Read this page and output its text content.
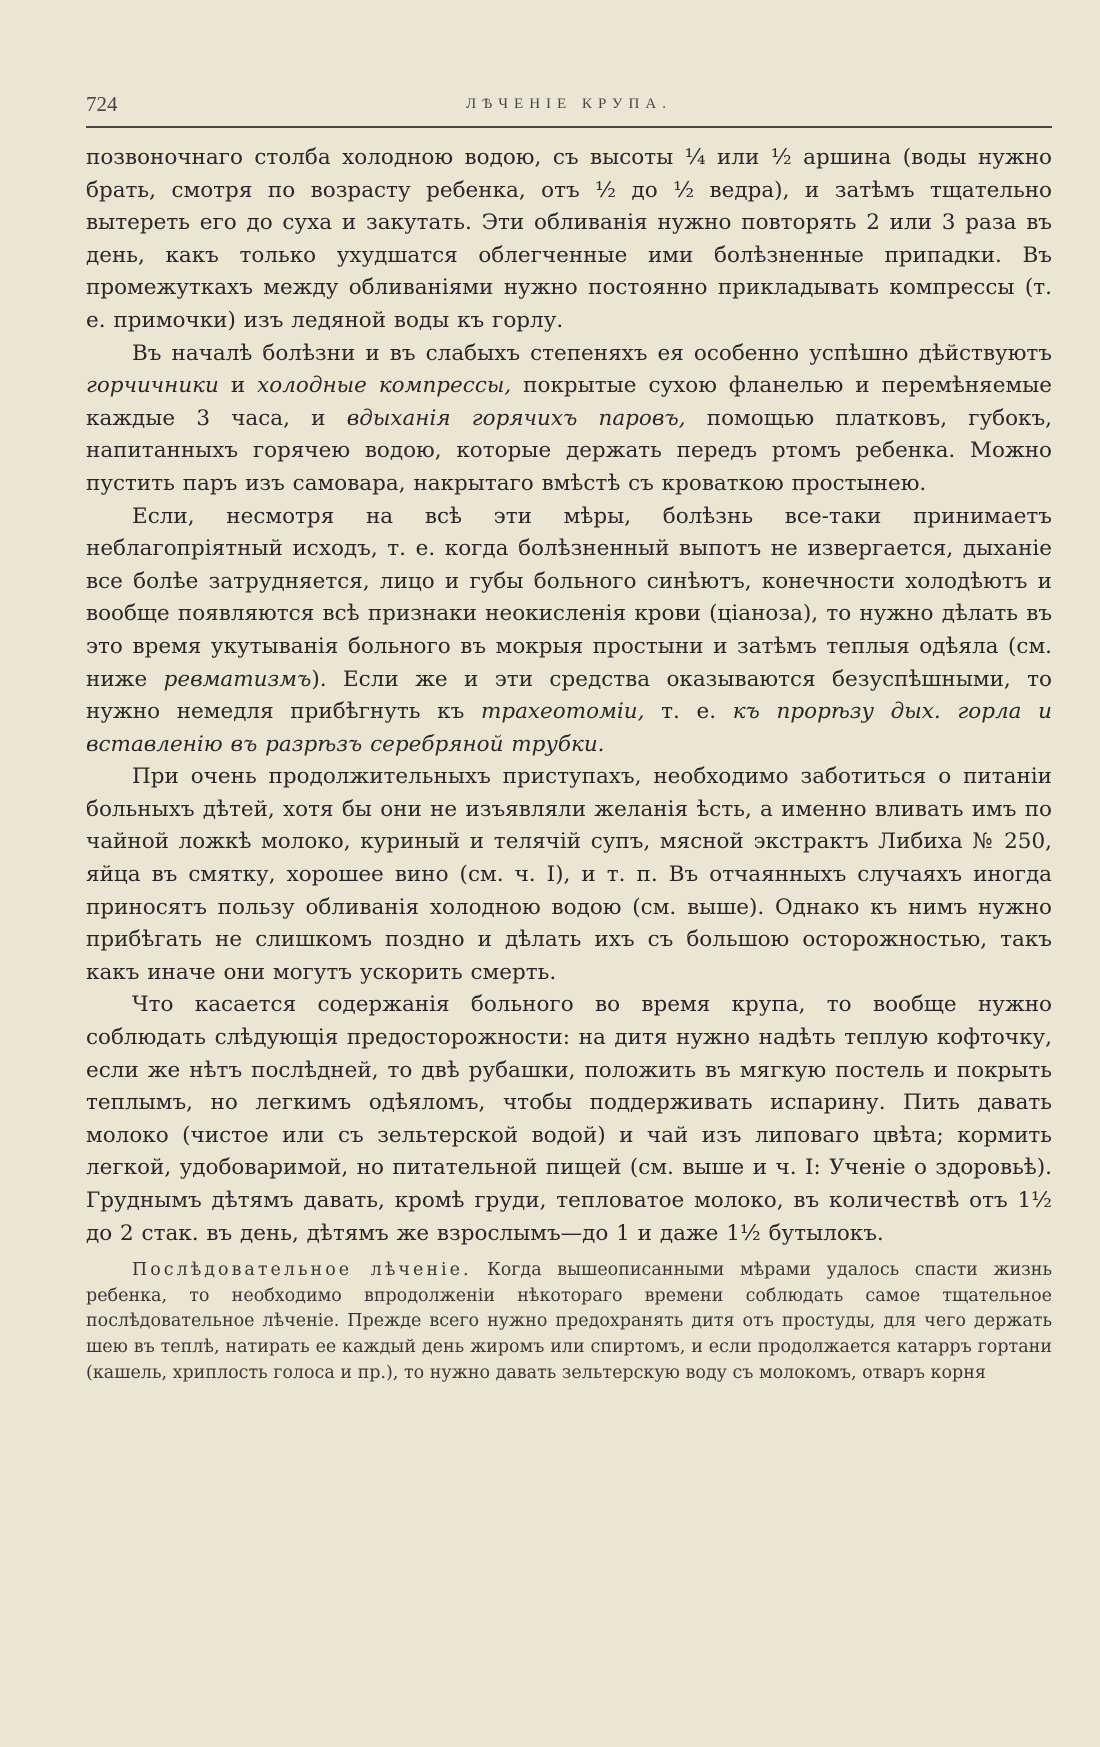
724	ЛѢЧЕНІЕ КРУПА.

позвоночнаго столба холодною водою, съ высоты ¼ или ½ аршина (воды нужно брать, смотря по возрасту ребенка, отъ ½ до ½ ведра), и затѣмъ тщательно вытереть его до суха и закутать. Эти обливанія нужно повторять 2 или 3 раза въ день, какъ только ухудшатся облегченные ими болѣзненные припадки. Въ промежуткахъ между обливаніями нужно постоянно прикладывать компрессы (т. е. примочки) изъ ледяной воды къ горлу.

Въ началѣ болѣзни и въ слабыхъ степеняхъ ея особенно успѣшно дѣйствуютъ горчичники и холодные компрессы, покрытые сухою фланелью и перемѣняемые каждые 3 часа, и вдыханія горячихъ паровъ, помощью платковъ, губокъ, напитанныхъ горячею водою, которые держать передъ ртомъ ребенка. Можно пустить паръ изъ самовара, накрытаго вмѣстѣ съ кроваткою простынею.

Если, несмотря на всѣ эти мѣры, болѣзнь все-таки принимаетъ неблагопріятный исходъ, т. е. когда болѣзненный выпотъ не извергается, дыханіе все болѣе затрудняется, лицо и губы больного синѣютъ, конечности холодѣютъ и вообще появляются всѣ признаки неокисленія крови (ціаноза), то нужно дѣлать въ это время укутыванія больного въ мокрыя простыни и затѣмъ теплыя одѣяла (см. ниже ревматизмъ). Если же и эти средства оказываются безуспѣшными, то нужно немедля прибѣгнуть къ трахеотоміи, т. е. къ прорѣзу дых. горла и вставленію въ разрѣзъ серебряной трубки.

При очень продолжительныхъ приступахъ, необходимо заботиться о питаніи больныхъ дѣтей, хотя бы они не изъявляли желанія ѣсть, а именно вливать имъ по чайной ложкѣ молоко, куриный и телячій супъ, мясной экстрактъ Либиха № 250, яйца въ смятку, хорошее вино (см. ч. I), и т. п. Въ отчаянныхъ случаяхъ иногда приносятъ пользу обливанія холодною водою (см. выше). Однако къ нимъ нужно прибѣгать не слишкомъ поздно и дѣлать ихъ съ большою осторожностью, такъ какъ иначе они могутъ ускорить смерть.

Что касается содержанія больного во время крупа, то вообще нужно соблюдать слѣдующія предосторожности: на дитя нужно надѣть теплую кофточку, если же нѣтъ послѣдней, то двѣ рубашки, положить въ мягкую постель и покрыть теплымъ, но легкимъ одѣяломъ, чтобы поддерживать испарину. Пить давать молоко (чистое или съ зельтерской водой) и чай изъ липоваго цвѣта; кормить легкой, удобоваримой, но питательной пищей (см. выше и ч. I: Ученіе о здоровьѣ). Груднымъ дѣтямъ давать, кромѣ груди, тепловатое молоко, въ количествѣ отъ 1½ до 2 стак. въ день, дѣтямъ же взрослымъ—до 1 и даже 1½ бутылокъ.

Послѣдовательное лѣченіе. Когда вышеописанными мѣрами удалось спасти жизнь ребенка, то необходимо впродолженіи нѣкотораго времени соблюдать самое тщательное послѣдовательное лѣченіе. Прежде всего нужно предохранять дитя отъ простуды, для чего держать шею въ теплѣ, натирать ее каждый день жиромъ или спиртомъ, и если продолжается катарръ гортани (кашель, хриплость голоса и пр.), то нужно давать зельтерскую воду съ молокомъ, отваръ корня
